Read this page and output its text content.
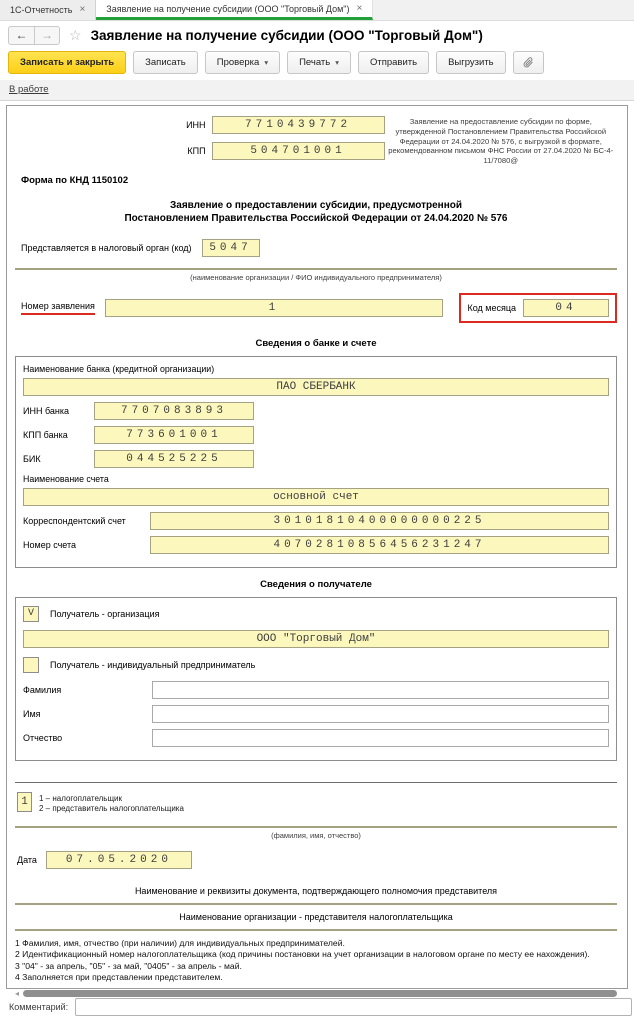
1С-Отчетность × Заявление на получение субсидии (ООО "Торговый Дом") ×
← → ☆ Заявление на получение субсидии (ООО "Торговый Дом")
Записать и закрыть	Записать	Проверка ▾	Печать ▾	Отправить	Выгрузить
В работе
ИНН	7710439772
КПП	504701001
Заявление на предоставление субсидии по форме, утвержденной Постановлением Правительства Российской Федерации от 24.04.2020 № 576, с выгрузкой в формате, рекомендованном письмом ФНС России от 27.04.2020 № БС-4-11/7080@
Форма по КНД 1150102
Заявление о предоставлении субсидии, предусмотренной
Постановлением Правительства Российской Федерации от 24.04.2020 № 576
Представляется в налоговый орган (код)	5047
(наименование организации / ФИО индивидуального предпринимателя)
Номер заявления	1	Код месяца	04
Сведения о банке и счете
Наименование банка (кредитной организации)
ПАО СБЕРБАНК
ИНН банка	7707083893
КПП банка	773601001
БИК	044525225
Наименование счета
основной счет
Корреспондентский счет	30101810400000000225
Номер счета	40702810856456231247
Сведения о получателе
V	Получатель - организация
ООО "Торговый Дом"
Получатель - индивидуальный предприниматель
Фамилия
Имя
Отчество
1	1 – налогоплательщик
2 – представитель налогоплательщика
(фамилия, имя, отчество)
Дата	07.05.2020
Наименование и реквизиты документа, подтверждающего полномочия представителя
Наименование организации - представителя налогоплательщика
1 Фамилия, имя, отчество (при наличии) для индивидуальных предпринимателей.
2 Идентификационный номер налогоплательщика (код причины постановки на учет организации в налоговом органе по месту ее нахождения).
3 "04" - за апрель, "05" - за май, "0405" - за апрель - май.
4 Заполняется при представлении представителем.
◂
Комментарий:
